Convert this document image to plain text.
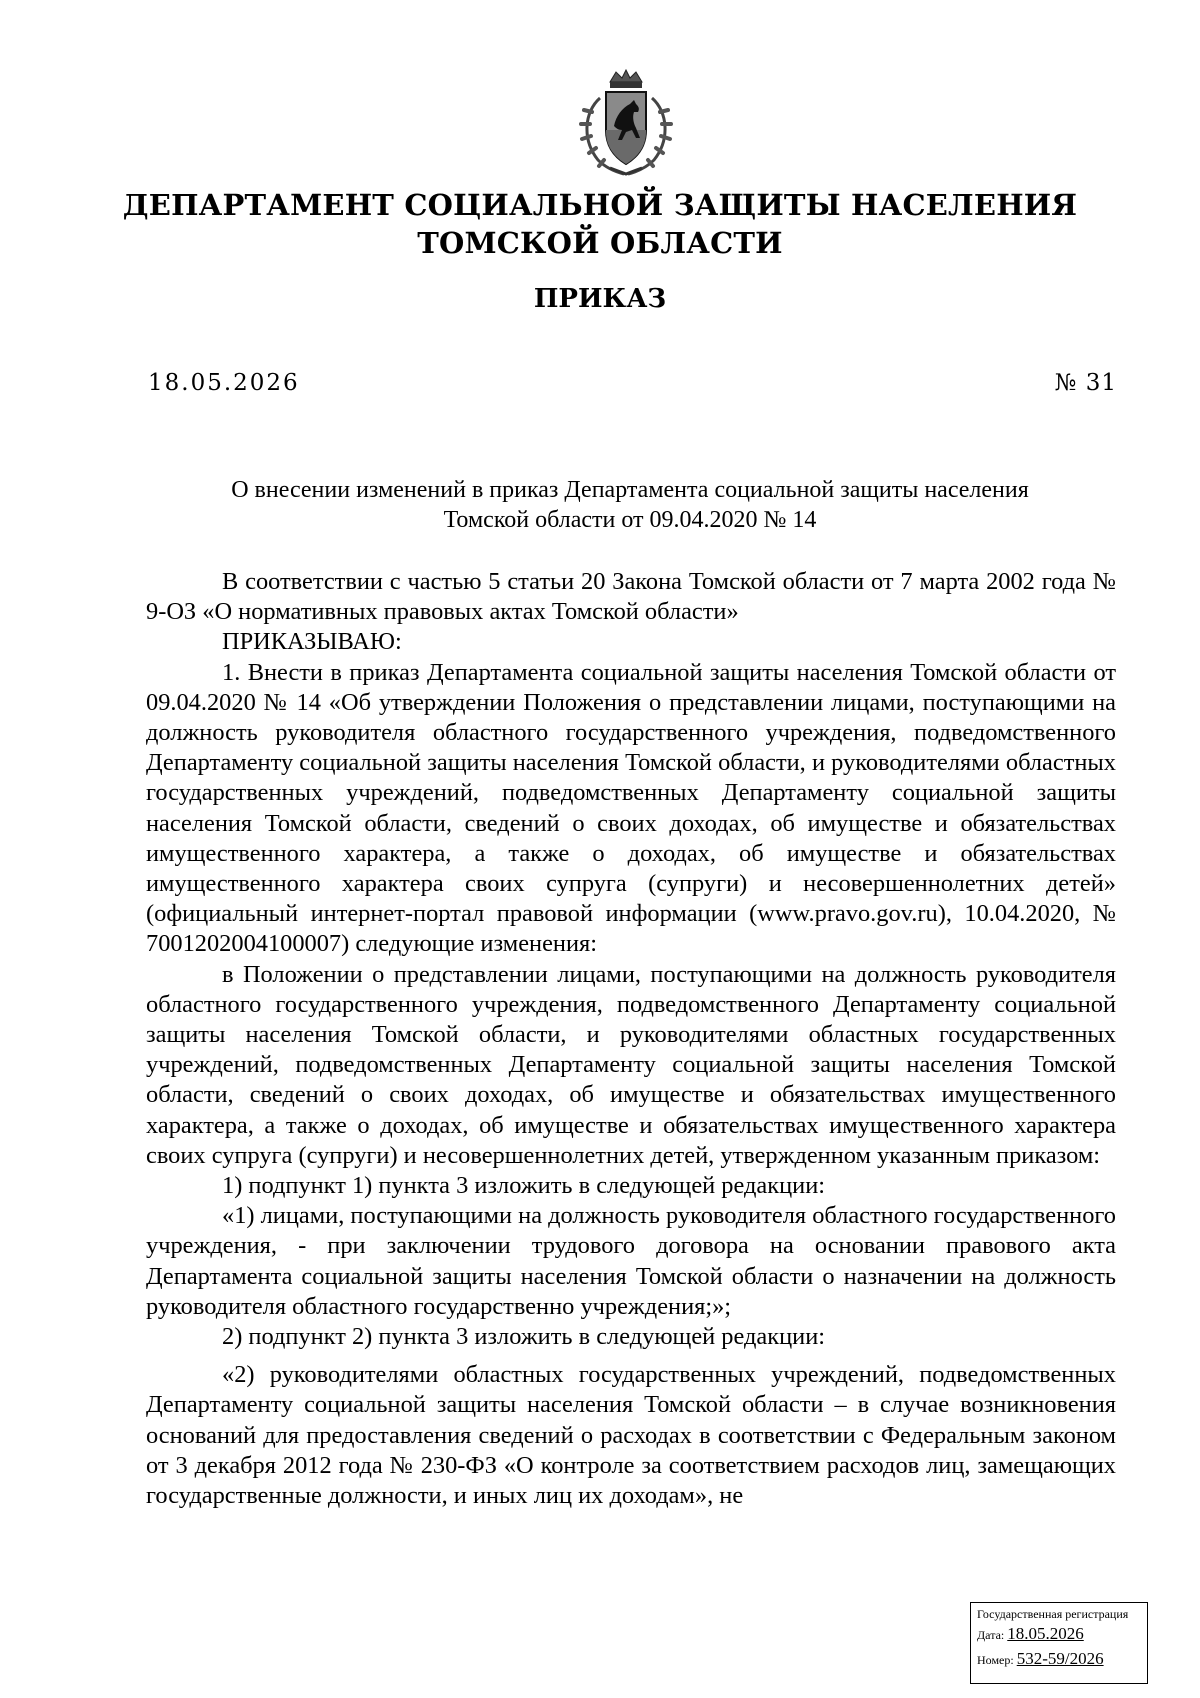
ДЕПАРТАМЕНТ СОЦИАЛЬНОЙ ЗАЩИТЫ НАСЕЛЕНИЯ
ТОМСКОЙ ОБЛАСТИ
ПРИКАЗ
18.05.2026	№ 31
О внесении изменений в приказ Департамента социальной защиты населения
Томской области от 09.04.2020 № 14

В соответствии с частью 5 статьи 20 Закона Томской области от 7 марта 2002 года № 9-ОЗ «О нормативных правовых актах Томской области»

ПРИКАЗЫВАЮ:

1. Внести в приказ Департамента социальной защиты населения Томской области от 09.04.2020 № 14 «Об утверждении Положения о представлении лицами, поступающими на должность руководителя областного государственного учреждения, подведомственного Департаменту социальной защиты населения Томской области, и руководителями областных государственных учреждений, подведомственных Департаменту социальной защиты населения Томской области, сведений о своих доходах, об имуществе и обязательствах имущественного характера, а также о доходах, об имуществе и обязательствах имущественного характера своих супруга (супруги) и несовершеннолетних детей» (официальный интернет-портал правовой информации (www.pravo.gov.ru), 10.04.2020, № 7001202004100007) следующие изменения:

в Положении о представлении лицами, поступающими на должность руководителя областного государственного учреждения, подведомственного Департаменту социальной защиты населения Томской области, и руководителями областных государственных учреждений, подведомственных Департаменту социальной защиты населения Томской области, сведений о своих доходах, об имуществе и обязательствах имущественного характера, а также о доходах, об имуществе и обязательствах имущественного характера своих супруга (супруги) и несовершеннолетних детей, утвержденном указанным приказом:

1) подпункт 1) пункта 3 изложить в следующей редакции:

«1) лицами, поступающими на должность руководителя областного государственного учреждения, - при заключении трудового договора на основании правового акта Департамента социальной защиты населения Томской области о назначении на должность руководителя областного государственно учреждения;»;

2) подпункт 2) пункта 3 изложить в следующей редакции:

«2) руководителями областных государственных учреждений, подведомственных Департаменту социальной защиты населения Томской области – в случае возникновения оснований для предоставления сведений о расходах в соответствии с Федеральным законом от 3 декабря 2012 года № 230-ФЗ «О контроле за соответствием расходов лиц, замещающих государственные должности, и иных лиц их доходам», не

Государственная регистрация
Дата: 18.05.2026
Номер: 532-59/2026
